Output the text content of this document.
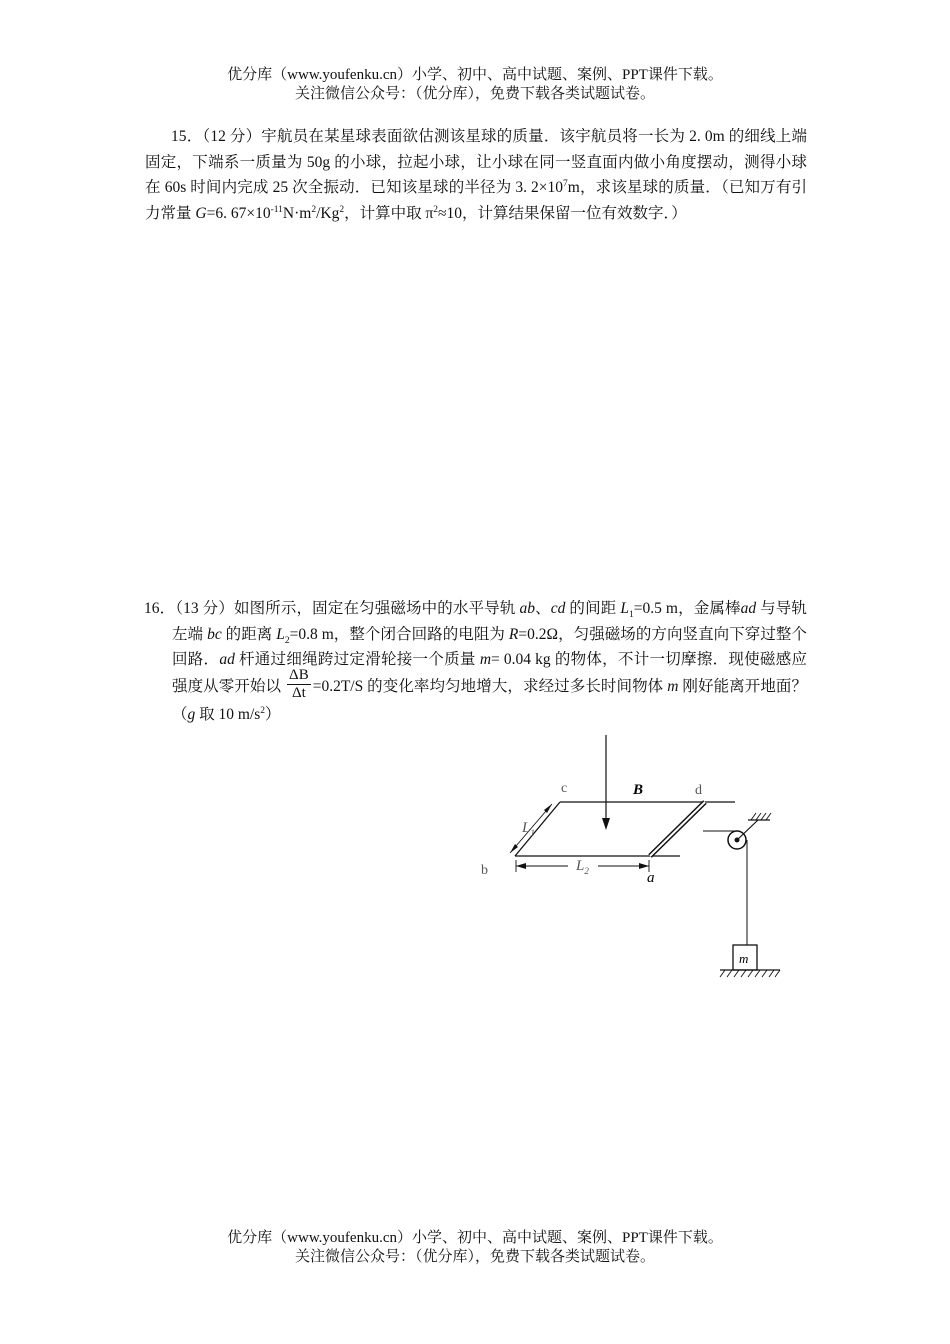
优分库（www.youfenku.cn）小学、初中、高中试题、案例、PPT课件下载。
关注微信公众号：（优分库），免费下载各类试题试卷。
15．（12 分）宇航员在某星球表面欲估测该星球的质量．该宇航员将一长为 2. 0m 的细线上端固定，下端系一质量为 50g 的小球，拉起小球，让小球在同一竖直面内做小角度摆动，测得小球在 60s 时间内完成 25 次全振动．已知该星球的半径为 3. $2\times 10^7m$，求该星球的质量．（已知万有引力常量 G=6. $67\times 10^{-11}N\cdot m^2/Kg^2$，计算中取 $\pi^2\approx 10$，计算结果保留一位有效数字．）
16．（13 分）如图所示，固定在匀强磁场中的水平导轨 ab、cd 的间距 $L_1=0.5$ m，金属棒ad 与导轨左端 bc 的距离 $L_2=0.8$ m，整个闭合回路的电阻为 R=0.2Ω，匀强磁场的方向竖直向下穿过整个回路．ad 杆通过细绳跨过定滑轮接一个质量 m= 0.04 kg 的物体，不计一切摩擦．现使磁感应强度从零开始以 $\frac{\Delta B}{\Delta t} =0.2T/S$ 的变化率均匀地增大，求经过多长时间物体 m 刚好能离开地面？（g 取 10 $m/s^2$）
c	B	d
$L_1$
b	$L_2$	a
m
优分库（www.youfenku.cn）小学、初中、高中试题、案例、PPT课件下载。
关注微信公众号：（优分库），免费下载各类试题试卷。
